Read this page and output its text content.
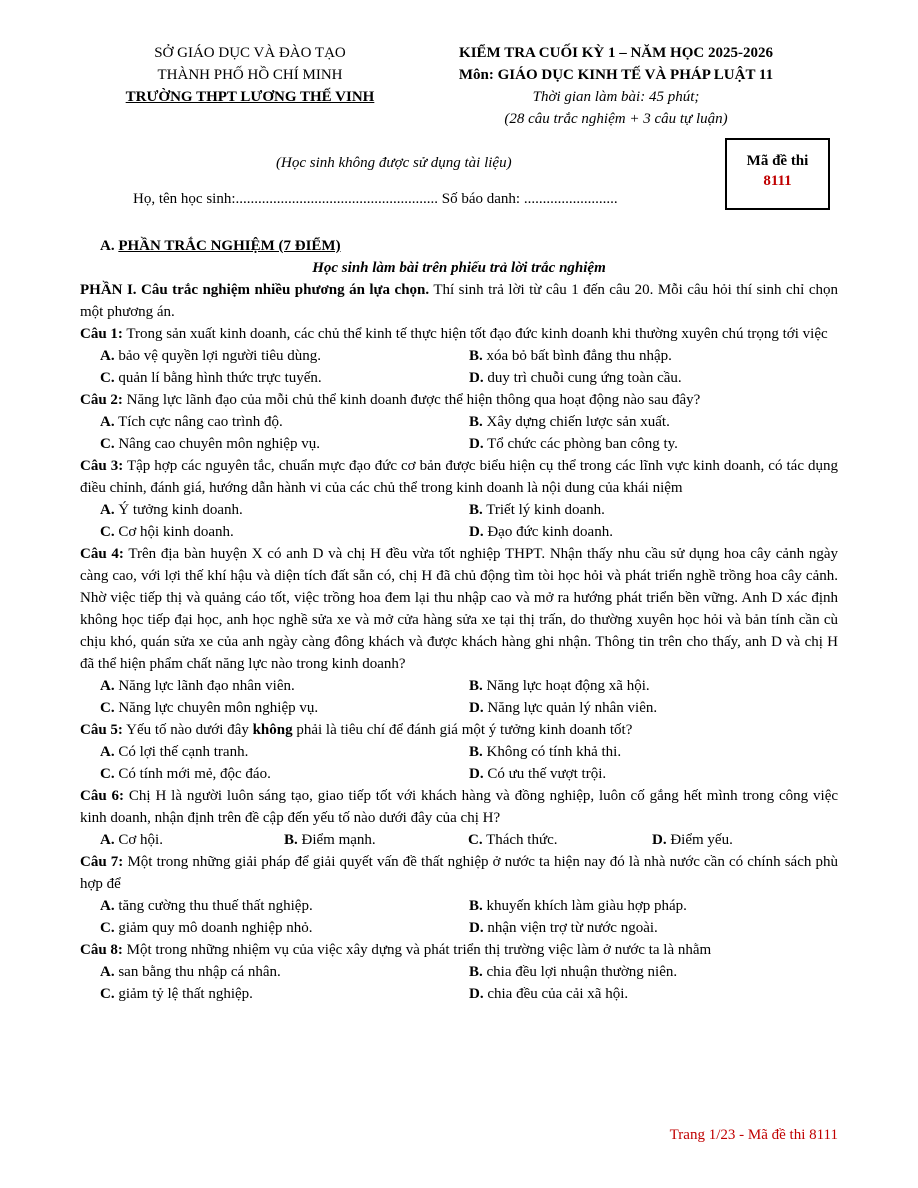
SỞ GIÁO DỤC VÀ ĐÀO TẠO
THÀNH PHỐ HỒ CHÍ MINH
TRƯỜNG THPT LƯƠNG THẾ VINH
KIỂM TRA CUỐI KỲ 1 – NĂM HỌC 2025-2026
Môn: GIÁO DỤC KINH TẾ VÀ PHÁP LUẬT 11
Thời gian làm bài: 45 phút;
(28 câu trắc nghiệm + 3 câu tự luận)
Mã đề thi
8111
(Học sinh không được sử dụng tài liệu)
Họ, tên học sinh:...................................................... Số báo danh: .........................
A. PHẦN TRẮC NGHIỆM (7 ĐIỂM)
Học sinh làm bài trên phiếu trả lời trắc nghiệm
PHẦN I. Câu trắc nghiệm nhiều phương án lựa chọn. Thí sinh trả lời từ câu 1 đến câu 20. Mỗi câu hỏi thí sinh chỉ chọn một phương án.
Câu 1: Trong sản xuất kinh doanh, các chủ thể kinh tế thực hiện tốt đạo đức kinh doanh khi thường xuyên chú trọng tới việc
A. bảo vệ quyền lợi người tiêu dùng.	B. xóa bỏ bất bình đẳng thu nhập.
C. quản lí bằng hình thức trực tuyến.	D. duy trì chuỗi cung ứng toàn cầu.
Câu 2: Năng lực lãnh đạo của mỗi chủ thể kinh doanh được thể hiện thông qua hoạt động nào sau đây?
A. Tích cực nâng cao trình độ.	B. Xây dựng chiến lược sản xuất.
C. Nâng cao chuyên môn nghiệp vụ.	D. Tổ chức các phòng ban công ty.
Câu 3: Tập hợp các nguyên tắc, chuẩn mực đạo đức cơ bản được biểu hiện cụ thể trong các lĩnh vực kinh doanh, có tác dụng điều chỉnh, đánh giá, hướng dẫn hành vi của các chủ thể trong kinh doanh là nội dung của khái niệm
A. Ý tưởng kinh doanh.	B. Triết lý kinh doanh.
C. Cơ hội kinh doanh.	D. Đạo đức kinh doanh.
Câu 4: Trên địa bàn huyện X có anh D và chị H đều vừa tốt nghiệp THPT. Nhận thấy nhu cầu sử dụng hoa cây cảnh ngày càng cao, với lợi thế khí hậu và diện tích đất sẵn có, chị H đã chủ động tìm tòi học hỏi và phát triển nghề trồng hoa cây cảnh. Nhờ việc tiếp thị và quảng cáo tốt, việc trồng hoa đem lại thu nhập cao và mở ra hướng phát triển bền vững. Anh D xác định không học tiếp đại học, anh học nghề sửa xe và mở cửa hàng sửa xe tại thị trấn, do thường xuyên học hỏi và bản tính cần cù chịu khó, quán sửa xe của anh ngày càng đông khách và được khách hàng ghi nhận. Thông tin trên cho thấy, anh D và chị H đã thể hiện phẩm chất năng lực nào trong kinh doanh?
A. Năng lực lãnh đạo nhân viên.	B. Năng lực hoạt động xã hội.
C. Năng lực chuyên môn nghiệp vụ.	D. Năng lực quản lý nhân viên.
Câu 5: Yếu tố nào dưới đây không phải là tiêu chí để đánh giá một ý tưởng kinh doanh tốt?
A. Có lợi thế cạnh tranh.	B. Không có tính khả thi.
C. Có tính mới mẻ, độc đáo.	D. Có ưu thế vượt trội.
Câu 6: Chị H là người luôn sáng tạo, giao tiếp tốt với khách hàng và đồng nghiệp, luôn cố gắng hết mình trong công việc kinh doanh, nhận định trên đề cập đến yếu tố nào dưới đây của chị H?
A. Cơ hội.	B. Điểm mạnh.	C. Thách thức.	D. Điểm yếu.
Câu 7: Một trong những giải pháp để giải quyết vấn đề thất nghiệp ở nước ta hiện nay đó là nhà nước cần có chính sách phù hợp để
A. tăng cường thu thuế thất nghiệp.	B. khuyến khích làm giàu hợp pháp.
C. giảm quy mô doanh nghiệp nhỏ.	D. nhận viện trợ từ nước ngoài.
Câu 8: Một trong những nhiệm vụ của việc xây dựng và phát triển thị trường việc làm ở nước ta là nhằm
A. san bằng thu nhập cá nhân.	B. chia đều lợi nhuận thường niên.
C. giảm tỷ lệ thất nghiệp.	D. chia đều của cải xã hội.
Trang 1/23 - Mã đề thi 8111
